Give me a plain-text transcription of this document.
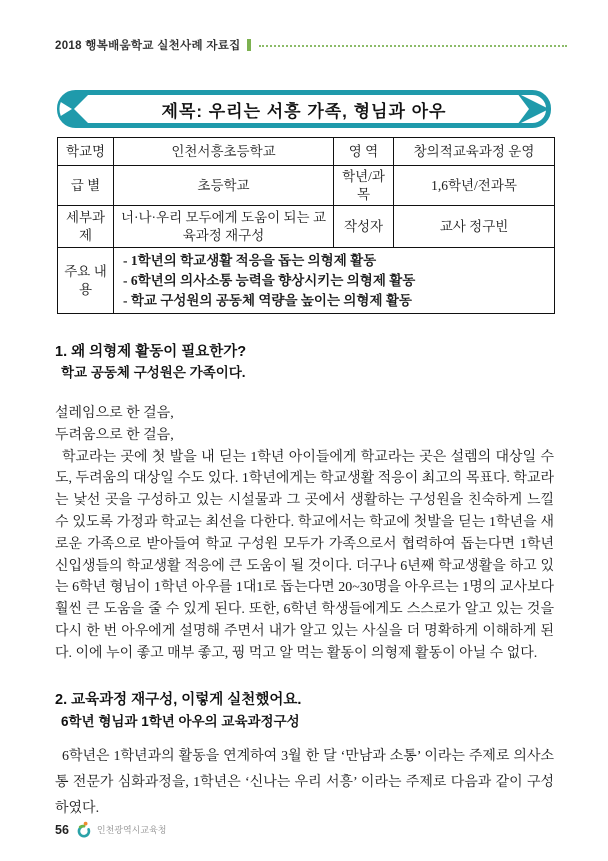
2018 행복배움학교 실천사례 자료집
제목: 우리는 서흥 가족, 형님과 아우
학교명	인천서흥초등학교	영 역	창의적교육과정 운영
급 별	초등학교	학년/과목	1,6학년/전과목
세부과제	너·나·우리 모두에게 도움이 되는 교육과정 재구성	작성자	교사 정구빈
주요 내용	- 1학년의 학교생활 적응을 돕는 의형제 활동

- 6학년의 의사소통 능력을 향상시키는 의형제 활동

- 학교 구성원의 공동체 역량을 높이는 의형제 활동		

1. 왜 의형제 활동이 필요한가?
학교 공동체 구성원은 가족이다.

설레임으로 한 걸음,

두려움으로 한 걸음,

학교라는 곳에 첫 발을 내 딛는 1학년 아이들에게 학교라는 곳은 설렘의 대상일 수도, 두려움의 대상일 수도 있다. 1학년에게는 학교생활 적응이 최고의 목표다. 학교라는 낯선 곳을 구성하고 있는 시설물과 그 곳에서 생활하는 구성원을 친숙하게 느낄 수 있도록 가정과 학교는 최선을 다한다. 학교에서는 학교에 첫발을 딛는 1학년을 새로운 가족으로 받아들여 학교 구성원 모두가 가족으로서 협력하여 돕는다면 1학년 신입생들의 학교생활 적응에 큰 도움이 될 것이다. 더구나 6년째 학교생활을 하고 있는 6학년 형님이 1학년 아우를 1대1로 돕는다면 20~30명을 아우르는 1명의 교사보다 훨씬 큰 도움을 줄 수 있게 된다. 또한, 6학년 학생들에게도 스스로가 알고 있는 것을 다시 한 번 아우에게 설명해 주면서 내가 알고 있는 사실을 더 명확하게 이해하게 된다. 이에 누이 좋고 매부 좋고, 꿩 먹고 알 먹는 활동이 의형제 활동이 아닐 수 없다.

2. 교육과정 재구성, 이렇게 실천했어요.
6학년 형님과 1학년 아우의 교육과정구성

6학년은 1학년과의 활동을 연계하여 3월 한 달 ‘만남과 소통’ 이라는 주제로 의사소통 전문가 심화과정을, 1학년은 ‘신나는 우리 서흥’ 이라는 주제로 다음과 같이 구성하였다.

56	인천광역시교육청
